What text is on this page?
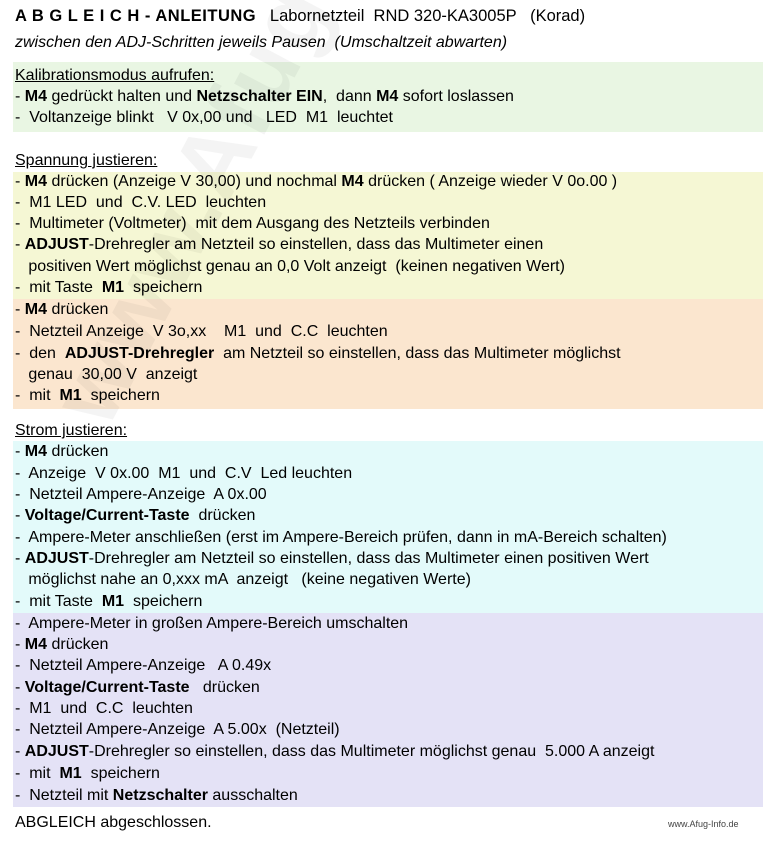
A B G L E I C H - ANLEITUNG   Labornetzteil  RND 320-KA3005P   (Korad)
zwischen den ADJ-Schritten jeweils Pausen  (Umschaltzeit abwarten)
Kalibrationsmodus aufrufen:
- M4 gedrückt halten und Netzschalter EIN,  dann M4 sofort loslassen
-  Voltanzeige blinkt   V 0x,00 und   LED  M1  leuchtet
Spannung justieren:
- M4 drücken (Anzeige V 30,00) und nochmal M4 drücken ( Anzeige wieder V 0o.00 )
-  M1 LED  und  C.V. LED  leuchten
-  Multimeter (Voltmeter)  mit dem Ausgang des Netzteils verbinden
- ADJUST-Drehregler am Netzteil so einstellen, dass das Multimeter einen
positiven Wert möglichst genau an 0,0 Volt anzeigt  (keinen negativen Wert)
-  mit Taste  M1  speichern
- M4 drücken
-  Netzteil Anzeige  V 3o,xx    M1  und  C.C  leuchten
-  den  ADJUST-Drehregler  am Netzteil so einstellen, dass das Multimeter möglichst
genau  30,00 V  anzeigt
-  mit  M1  speichern
Strom justieren:
- M4 drücken
-  Anzeige  V 0x.00  M1  und  C.V  Led leuchten
-  Netzteil Ampere-Anzeige  A 0x.00
- Voltage/Current-Taste  drücken
-  Ampere-Meter anschließen (erst im Ampere-Bereich prüfen, dann in mA-Bereich schalten)
- ADJUST-Drehregler am Netzteil so einstellen, dass das Multimeter einen positiven Wert
möglichst nahe an 0,xxx mA  anzeigt   (keine negativen Werte)
-  mit Taste  M1  speichern
-  Ampere-Meter in großen Ampere-Bereich umschalten
- M4 drücken
-  Netzteil Ampere-Anzeige   A 0.49x
- Voltage/Current-Taste   drücken
-  M1  und  C.C  leuchten
-  Netzteil Ampere-Anzeige  A 5.00x  (Netzteil)
- ADJUST-Drehregler so einstellen, dass das Multimeter möglichst genau  5.000 A anzeigt
-  mit  M1  speichern
-  Netzteil mit Netzschalter ausschalten
ABGLEICH abgeschlossen.	www.Afug-Info.de
